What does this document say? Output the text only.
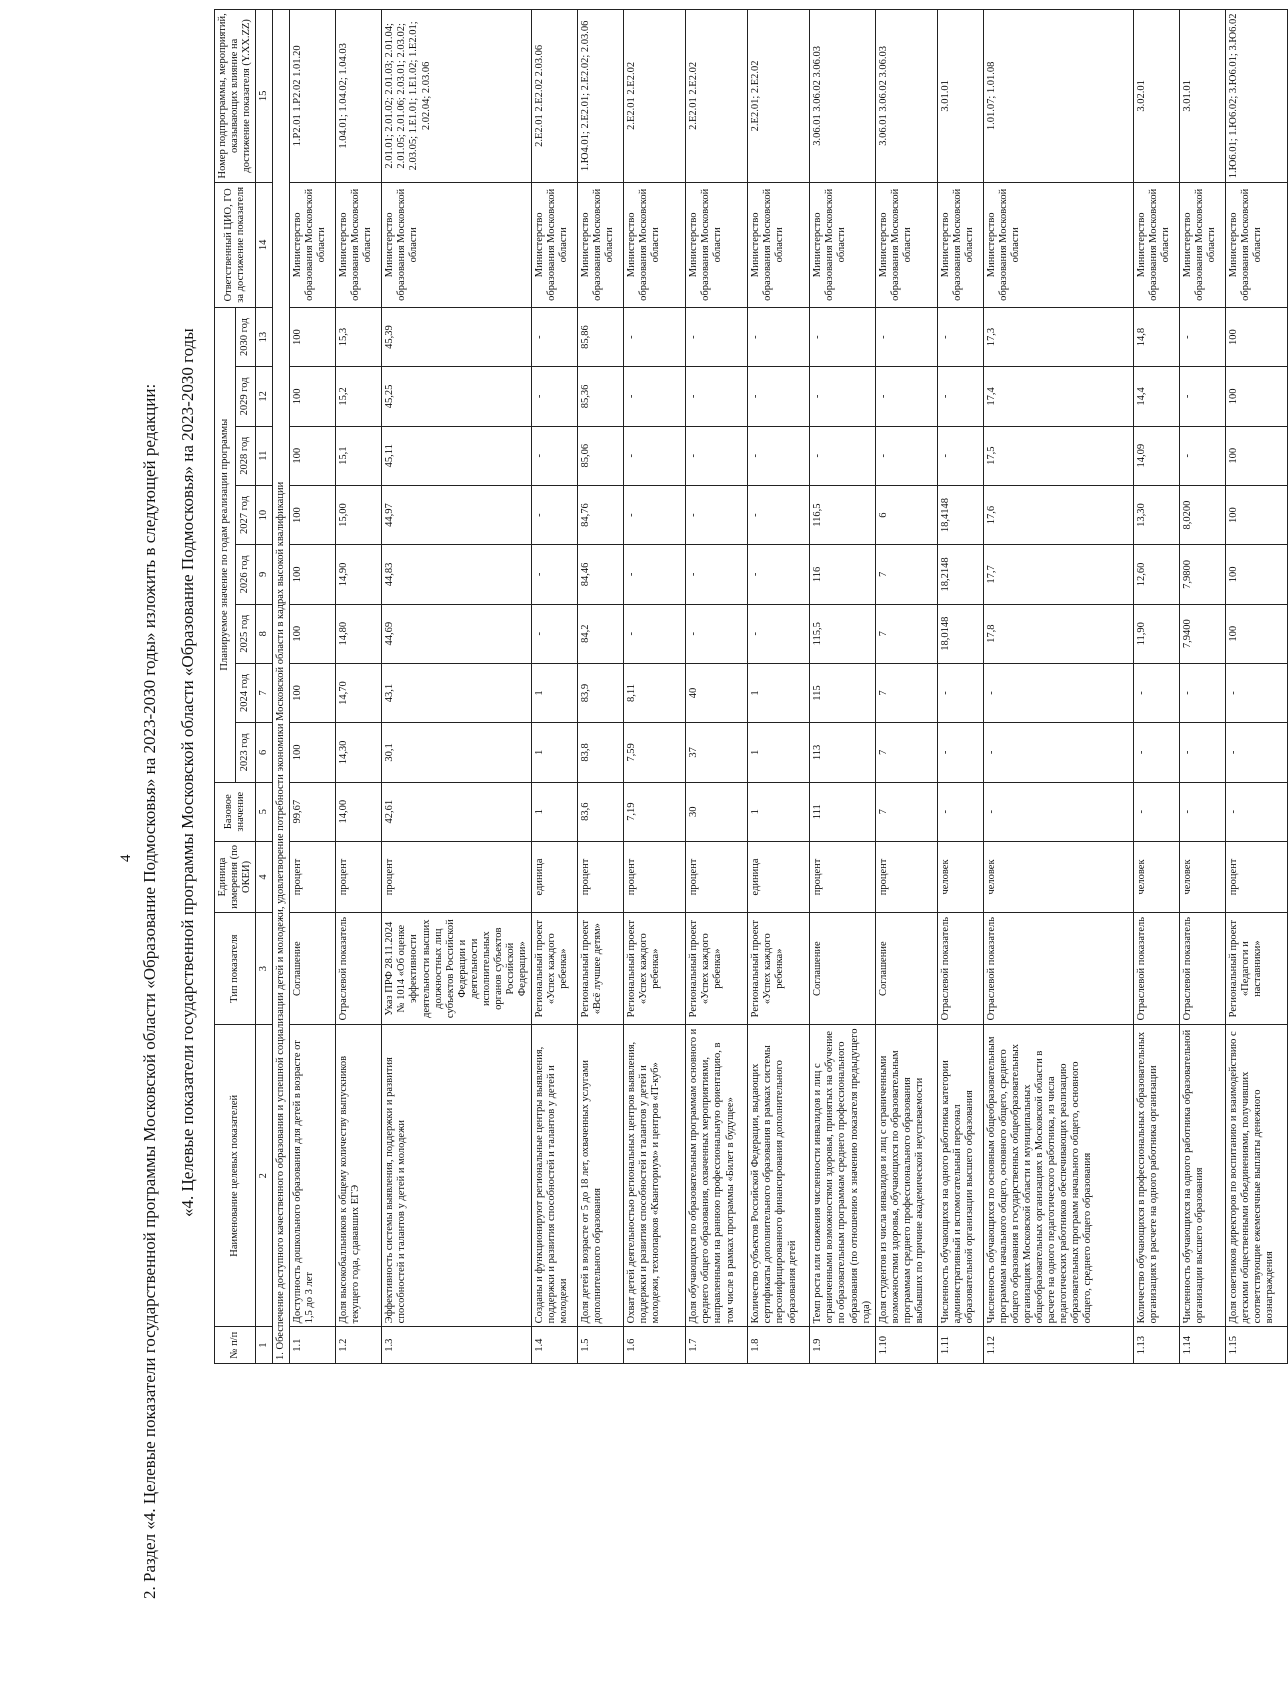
4 2. Раздел «4. Целевые показатели государственной программы Московской области «Образование Подмосковья» на 2023-2030 годы» изложить в следующей редакции: «4. Целевые показатели государственной программы Московской области «Образование Подмосковья» на 2023-2030 годы
№ п/п	Наименование целевых показателей	Тип показателя	Единица измерения (по ОКЕИ)	Базовое значение	Планируемое значение по годам реализации программы								Ответственный ЦИО, ГО за достижение показателя	Номер подпрограммы, мероприятий, оказывающих влияние на достижение показателя (Y.XX.ZZ)
					2023 год	2024 год	2025 год	2026 год	2027 год	2028 год	2029 год	2030 год		
1	2	3	4	5	6	7	8	9	10	11	12	13	14	15
1. Обеспечение доступного качественного образования и успешной социализации детей и молодежи, удовлетворение потребности экономики Московской области в кадрах высокой квалификации														
1.1	Доступность дошкольного образования для детей в возрасте от 1,5 до 3 лет	Соглашение	процент	99,67	100	100	100	100	100	100	100	100	Министерство образования Московской области	1.Р2.01 1.Р2.02 1.01.20
1.2	Доля высокобалльников к общему количеству выпускников текущего года, сдававших ЕГЭ	Отраслевой показатель	процент	14,00	14,30	14,70	14,80	14,90	15,00	15,1	15,2	15,3	Министерство образования Московской области	1.04.01; 1.04.02; 1.04.03
1.3	Эффективность системы выявления, поддержки и развития способностей и талантов у детей и молодежи	Указ ПРФ 28.11.2024 № 1014 «Об оценке эффективности деятельности высших должностных лиц субъектов Российской Федерации и деятельности исполнительных органов субъектов Российской Федерации»	процент	42,61	30,1	43,1	44,69	44,83	44,97	45,11	45,25	45,39	Министерство образования Московской области	2.01.01; 2.01.02; 2.01.03; 2.01.04; 2.01.05; 2.01.06; 2.03.01; 2.03.02; 2.03.05; 1.Е1.01; 1.Е1.02; 1.Е2.01; 2.02.04; 2.03.06
1.4	Созданы и функционируют региональные центры выявления, поддержки и развития способностей и талантов у детей и молодежи	Региональный проект «Успех каждого ребенка»	единица	1	1	1	-	-	-	-	-	-	Министерство образования Московской области	2.Е2.01 2.Е2.02 2.03.06
1.5	Доля детей в возрасте от 5 до 18 лет, охваченных услугами дополнительного образования	Региональный проект «Всё лучшее детям»	процент	83,6	83,8	83,9	84,2	84,46	84,76	85,06	85,36	85,86	Министерство образования Московской области	1.Ю4.01; 2.Е2.01; 2.Е2.02; 2.03.06
1.6	Охват детей деятельностью региональных центров выявления, поддержки и развития способностей и талантов у детей и молодежи, технопарков «Кванториум» и центров «IT-куб»	Региональный проект «Успех каждого ребенка»	процент	7,19	7,59	8,11	-	-	-	-	-	-	Министерство образования Московской области	2.Е2.01 2.Е2.02
1.7	Доля обучающихся по образовательным программам основного и среднего общего образования, охваченных мероприятиями, направленными на раннюю профессиональную ориентацию, в том числе в рамках программы «Билет в будущее»	Региональный проект «Успех каждого ребенка»	процент	30	37	40	-	-	-	-	-	-	Министерство образования Московской области	2.Е2.01 2.Е2.02
1.8	Количество субъектов Российской Федерации, выдающих сертификаты дополнительного образования в рамках системы персонифицированного финансирования дополнительного образования детей	Региональный проект «Успех каждого ребенка»	единица	1	1	1	-	-	-	-	-	-	Министерство образования Московской области	2.Е2.01; 2.Е2.02
1.9	Темп роста или снижения численности инвалидов и лиц с ограниченными возможностями здоровья, принятых на обучение по образовательным программам среднего профессионального образования (по отношению к значению показателя предыдущего года)	Соглашение	процент	111	113	115	115,5	116	116,5	-	-	-	Министерство образования Московской области	3.06.01 3.06.02 3.06.03
1.10	Доля студентов из числа инвалидов и лиц с ограниченными возможностями здоровья, обучающихся по образовательным программам среднего профессионального образования выбывших по причине академической неуспеваемости	Соглашение	процент	7	7	7	7	7	6	-	-	-	Министерство образования Московской области	3.06.01 3.06.02 3.06.03
1.11	Численность обучающихся на одного работника категории административный и вспомогательный персонал образовательной организации высшего образования	Отраслевой показатель	человек	-	-	-	18,0148	18,2148	18,4148	-	-	-	Министерство образования Московской области	3.01.01
1.12	Численность обучающихся по основным общеобразовательным программам начального общего, основного общего, среднего общего образования в государственных общеобразовательных организациях Московской области и муниципальных общеобразовательных организациях в Московской области в расчете на одного педагогического работника, из числа педагогических работников обеспечивающих реализацию образовательных программ начального общего, основного общего, среднего общего образования	Отраслевой показатель	человек	-	-	-	17,8	17,7	17,6	17,5	17,4	17,3	Министерство образования Московской области	1.01.07; 1.01.08
1.13	Количество обучающихся в профессиональных образовательных организациях в расчете на одного работника организации	Отраслевой показатель	человек	-	-	-	11,90	12,60	13,30	14,09	14,4	14,8	Министерство образования Московской области	3.02.01
1.14	Численность обучающихся на одного работника образовательной организации высшего образования	Отраслевой показатель	человек	-	-	-	7,9400	7,9800	8,0200	-	-	-	Министерство образования Московской области	3.01.01
1.15	Доля советников директоров по воспитанию и взаимодействию с детскими общественными объединениями, получивших соответствующие ежемесячные выплаты денежного вознаграждения	Региональный проект «Педагоги и наставники»	процент	-	-	-	100	100	100	100	100	100	Министерство образования Московской области	1.Ю6.01; 1.Ю6.02; 3.Ю6.01; 3.Ю6.02
